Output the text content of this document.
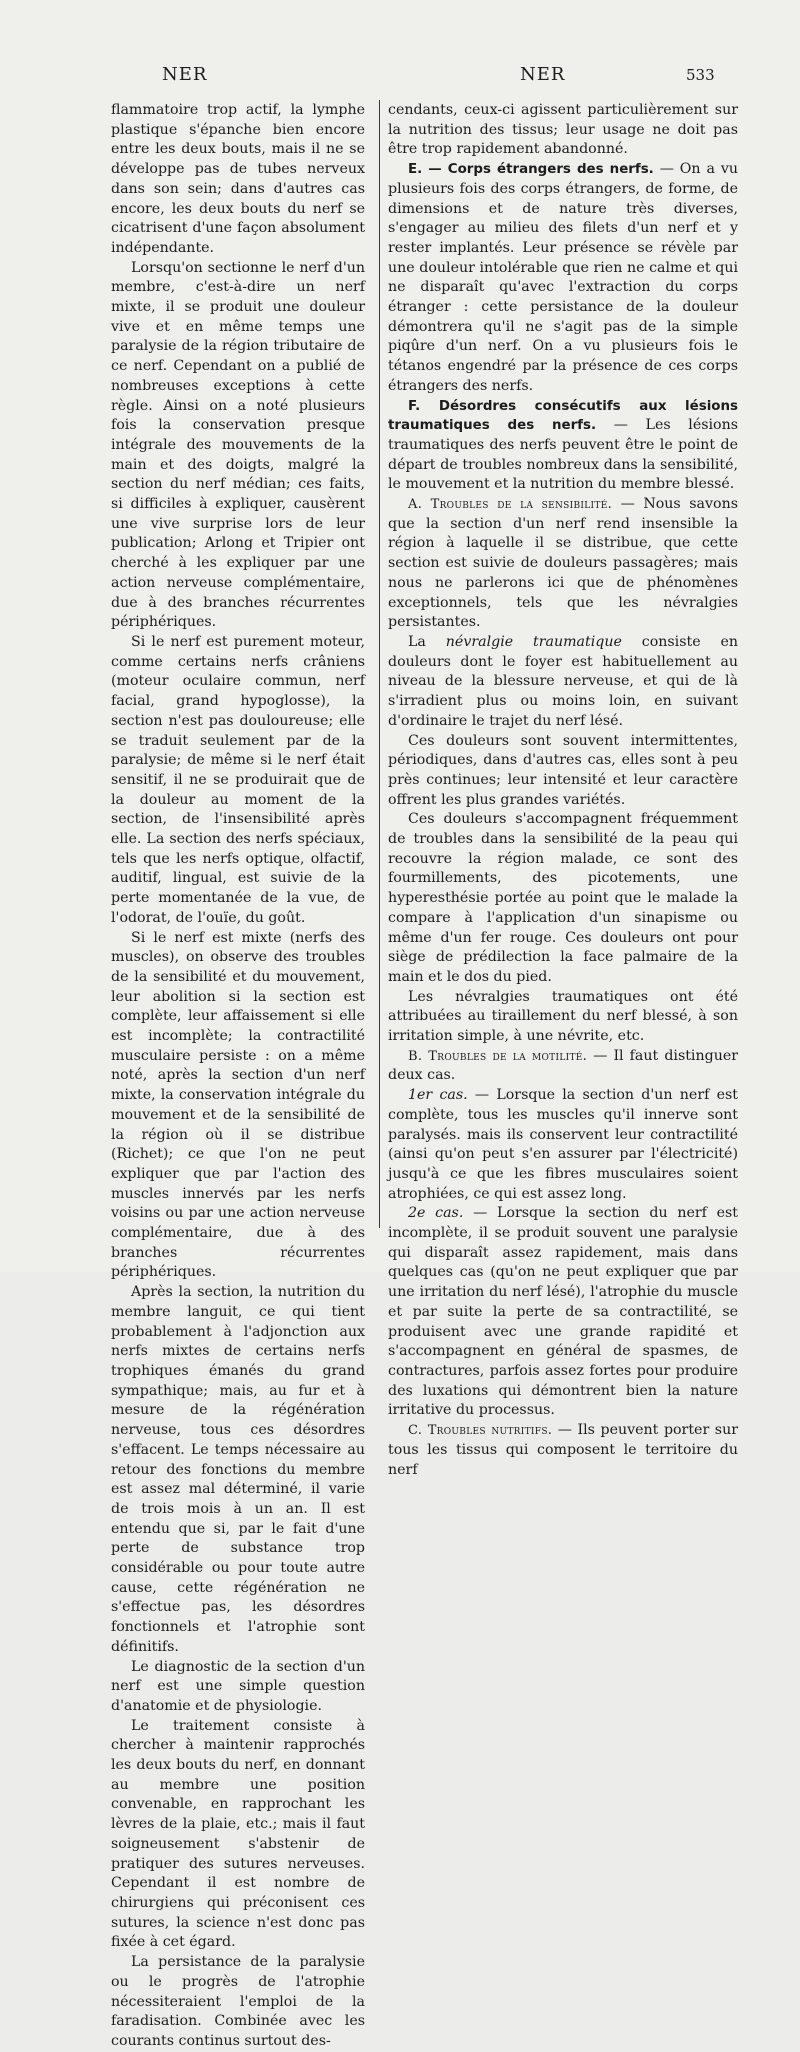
NER	NER	533

flammatoire trop actif, la lymphe plastique s'épanche bien encore entre les deux bouts, mais il ne se développe pas de tubes nerveux dans son sein; dans d'autres cas encore, les deux bouts du nerf se cicatrisent d'une façon absolument indépendante.

Lorsqu'on sectionne le nerf d'un membre, c'est-à-dire un nerf mixte, il se produit une douleur vive et en même temps une paralysie de la région tributaire de ce nerf. Cependant on a publié de nombreuses exceptions à cette règle. Ainsi on a noté plusieurs fois la conservation presque intégrale des mouvements de la main et des doigts, malgré la section du nerf médian; ces faits, si difficiles à expliquer, causèrent une vive surprise lors de leur publication; Arlong et Tripier ont cherché à les expliquer par une action nerveuse complémentaire, due à des branches récurrentes périphériques.

Si le nerf est purement moteur, comme certains nerfs crâniens (moteur oculaire commun, nerf facial, grand hypoglosse), la section n'est pas douloureuse; elle se traduit seulement par de la paralysie; de même si le nerf était sensitif, il ne se produirait que de la douleur au moment de la section, de l'insensibilité après elle. La section des nerfs spéciaux, tels que les nerfs optique, olfactif, auditif, lingual, est suivie de la perte momentanée de la vue, de l'odorat, de l'ouïe, du goût.

Si le nerf est mixte (nerfs des muscles), on observe des troubles de la sensibilité et du mouvement, leur abolition si la section est complète, leur affaissement si elle est incomplète; la contractilité musculaire persiste : on a même noté, après la section d'un nerf mixte, la conservation intégrale du mouvement et de la sensibilité de la région où il se distribue (Richet); ce que l'on ne peut expliquer que par l'action des muscles innervés par les nerfs voisins ou par une action nerveuse complémentaire, due à des branches récurrentes périphériques.

Après la section, la nutrition du membre languit, ce qui tient probablement à l'adjonction aux nerfs mixtes de certains nerfs trophiques émanés du grand sympathique; mais, au fur et à mesure de la régénération nerveuse, tous ces désordres s'effacent. Le temps nécessaire au retour des fonctions du membre est assez mal déterminé, il varie de trois mois à un an. Il est entendu que si, par le fait d'une perte de substance trop considérable ou pour toute autre cause, cette régénération ne s'effectue pas, les désordres fonctionnels et l'atrophie sont définitifs.

Le diagnostic de la section d'un nerf est une simple question d'anatomie et de physiologie.

Le traitement consiste à chercher à maintenir rapprochés les deux bouts du nerf, en donnant au membre une position convenable, en rapprochant les lèvres de la plaie, etc.; mais il faut soigneusement s'abstenir de pratiquer des sutures nerveuses. Cependant il est nombre de chirurgiens qui préconisent ces sutures, la science n'est donc pas fixée à cet égard.

La persistance de la paralysie ou le progrès de l'atrophie nécessiteraient l'emploi de la faradisation. Combinée avec les courants continus surtout des-

cendants, ceux-ci agissent particulièrement sur la nutrition des tissus; leur usage ne doit pas être trop rapidement abandonné.

E. — Corps étrangers des nerfs. — On a vu plusieurs fois des corps étrangers, de forme, de dimensions et de nature très diverses, s'engager au milieu des filets d'un nerf et y rester implantés. Leur présence se révèle par une douleur intolérable que rien ne calme et qui ne disparaît qu'avec l'extraction du corps étranger : cette persistance de la douleur démontrera qu'il ne s'agit pas de la simple piqûre d'un nerf. On a vu plusieurs fois le tétanos engendré par la présence de ces corps étrangers des nerfs.

F. Désordres consécutifs aux lésions traumatiques des nerfs. — Les lésions traumatiques des nerfs peuvent être le point de départ de troubles nombreux dans la sensibilité, le mouvement et la nutrition du membre blessé.

A. Troubles de la sensibilité. — Nous savons que la section d'un nerf rend insensible la région à laquelle il se distribue, que cette section est suivie de douleurs passagères; mais nous ne parlerons ici que de phénomènes exceptionnels, tels que les névralgies persistantes.

La névralgie traumatique consiste en douleurs dont le foyer est habituellement au niveau de la blessure nerveuse, et qui de là s'irradient plus ou moins loin, en suivant d'ordinaire le trajet du nerf lésé.

Ces douleurs sont souvent intermittentes, périodiques, dans d'autres cas, elles sont à peu près continues; leur intensité et leur caractère offrent les plus grandes variétés.

Ces douleurs s'accompagnent fréquemment de troubles dans la sensibilité de la peau qui recouvre la région malade, ce sont des fourmillements, des picotements, une hyperesthésie portée au point que le malade la compare à l'application d'un sinapisme ou même d'un fer rouge. Ces douleurs ont pour siège de prédilection la face palmaire de la main et le dos du pied.

Les névralgies traumatiques ont été attribuées au tiraillement du nerf blessé, à son irritation simple, à une névrite, etc.

B. Troubles de la motilité. — Il faut distinguer deux cas.

1er cas. — Lorsque la section d'un nerf est complète, tous les muscles qu'il innerve sont paralysés. mais ils conservent leur contractilité (ainsi qu'on peut s'en assurer par l'électricité) jusqu'à ce que les fibres musculaires soient atrophiées, ce qui est assez long.

2e cas. — Lorsque la section du nerf est incomplète, il se produit souvent une paralysie qui disparaît assez rapidement, mais dans quelques cas (qu'on ne peut expliquer que par une irritation du nerf lésé), l'atrophie du muscle et par suite la perte de sa contractilité, se produisent avec une grande rapidité et s'accompagnent en général de spasmes, de contractures, parfois assez fortes pour produire des luxations qui démontrent bien la nature irritative du processus.

C. Troubles nutritifs. — Ils peuvent porter sur tous les tissus qui composent le territoire du nerf
